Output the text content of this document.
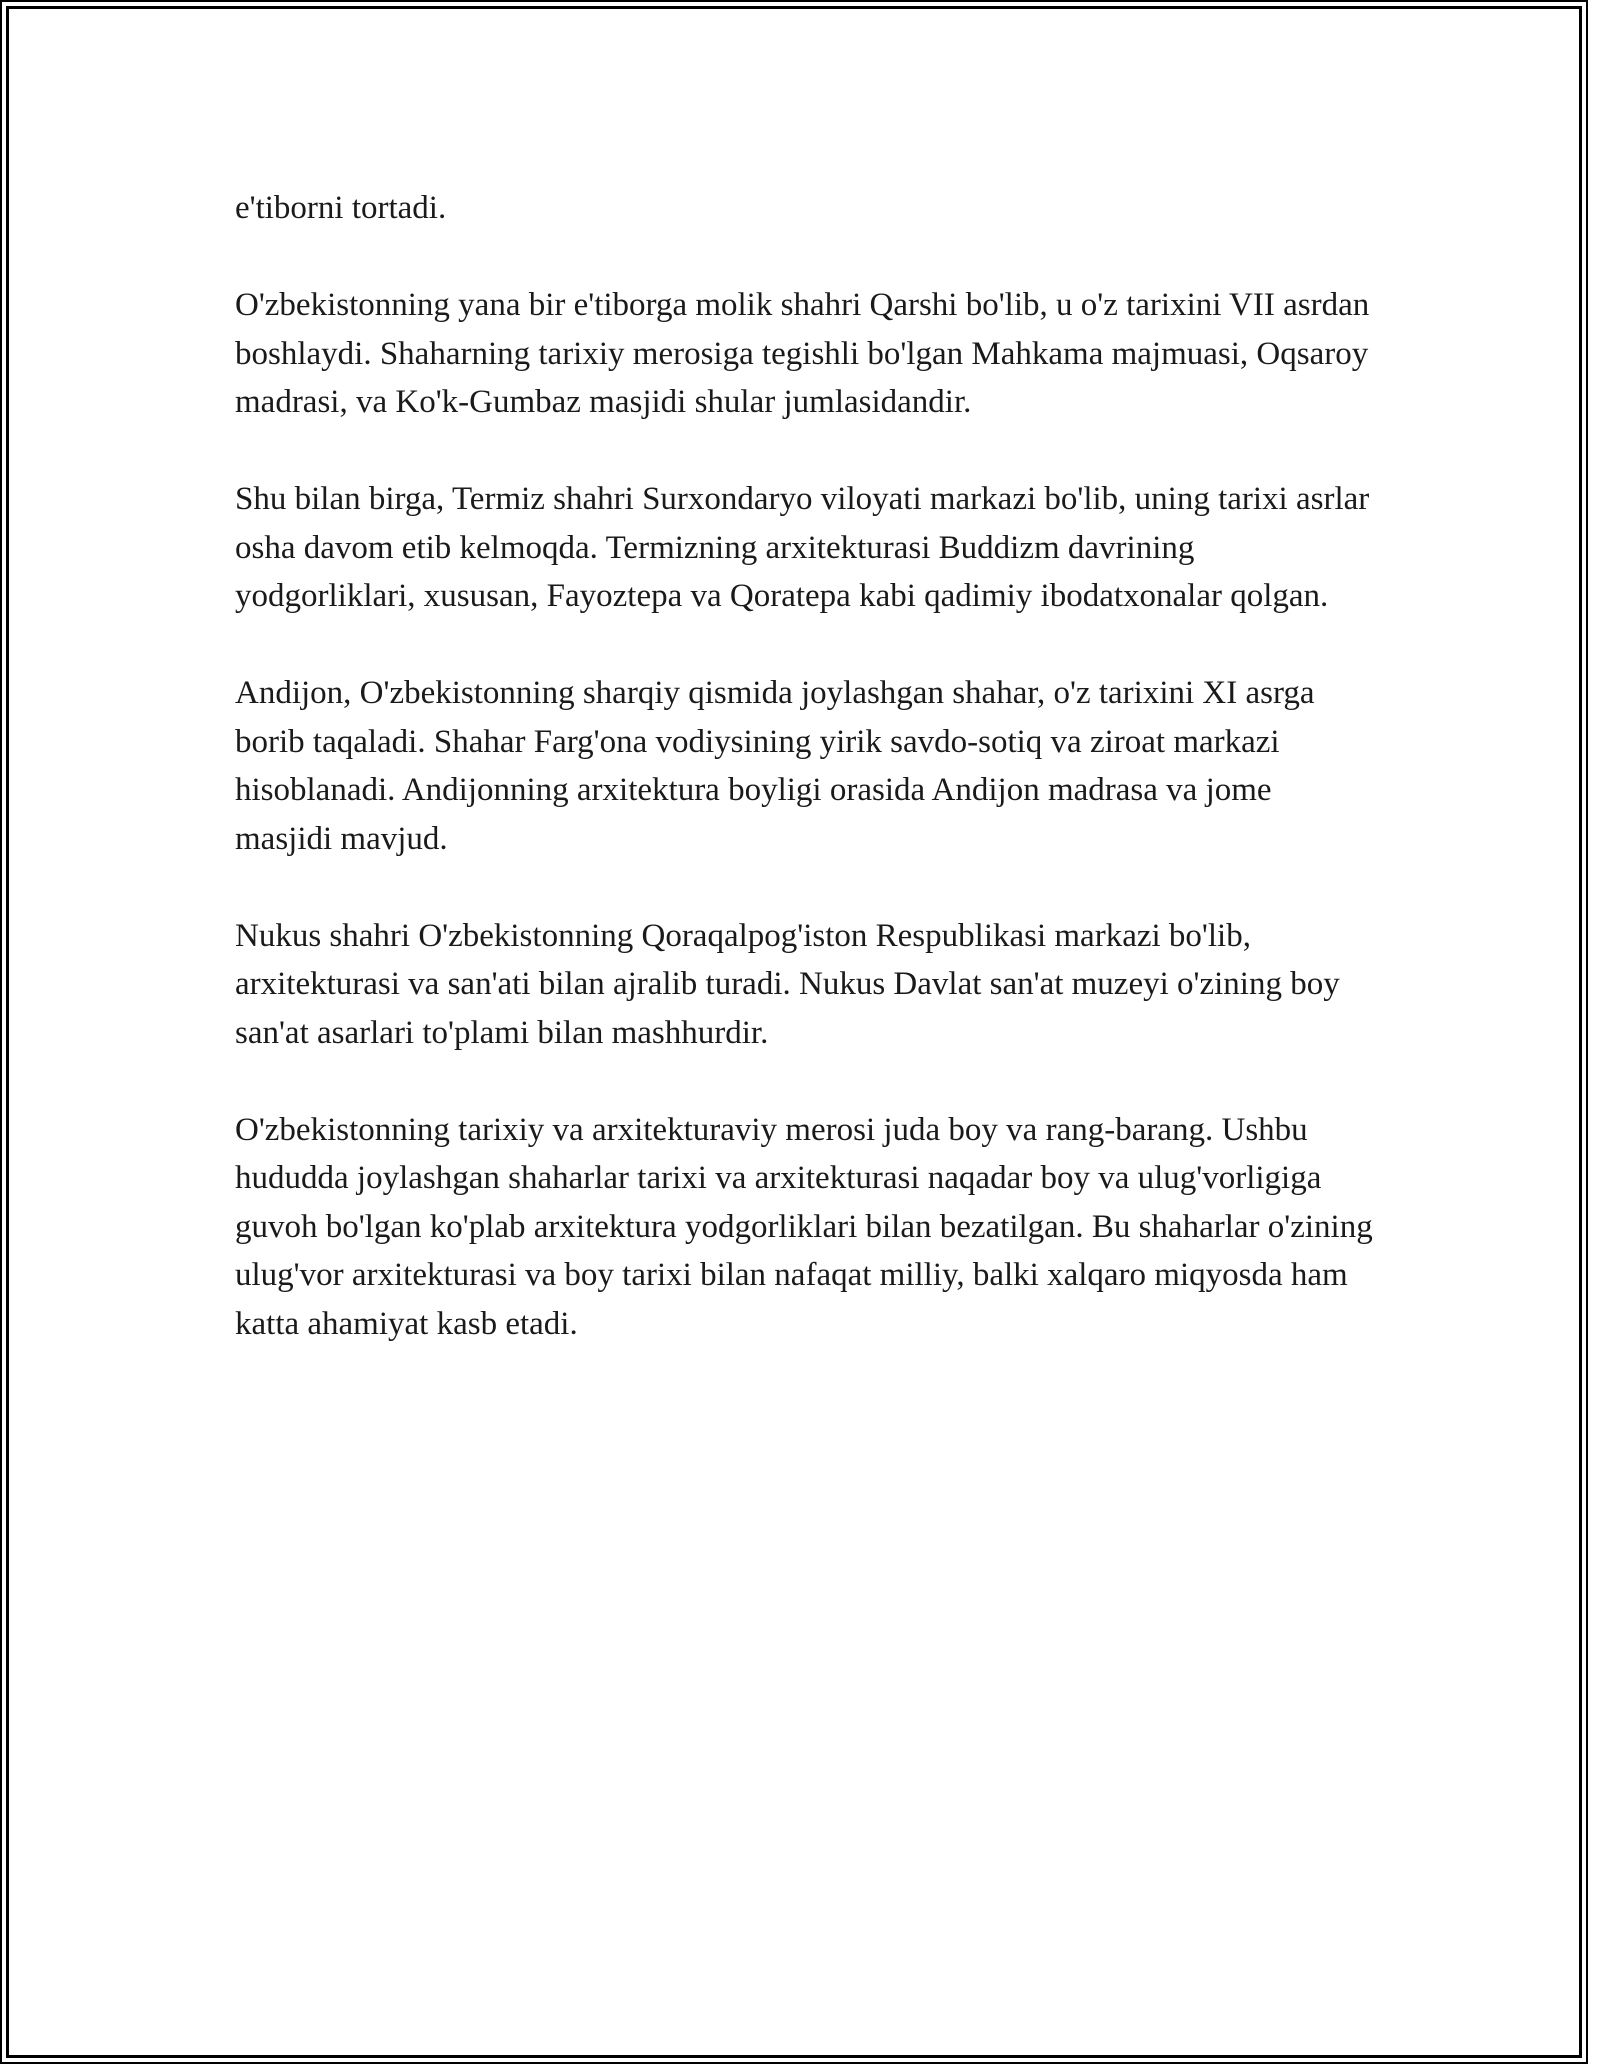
e'tiborni tortadi.

O'zbekistonning yana bir e'tiborga molik shahri Qarshi bo'lib, u o'z tarixini VII asrdan boshlaydi. Shaharning tarixiy merosiga tegishli bo'lgan Mahkama majmuasi, Oqsaroy madrasi, va Ko'k-Gumbaz masjidi shular jumlasidandir.

Shu bilan birga, Termiz shahri Surxondaryo viloyati markazi bo'lib, uning tarixi asrlar osha davom etib kelmoqda. Termizning arxitekturasi Buddizm davrining yodgorliklari, xususan, Fayoztepa va Qoratepa kabi qadimiy ibodatxonalar qolgan.

Andijon, O'zbekistonning sharqiy qismida joylashgan shahar, o'z tarixini XI asrga borib taqaladi. Shahar Farg'ona vodiysining yirik savdo-sotiq va ziroat markazi hisoblanadi. Andijonning arxitektura boyligi orasida Andijon madrasa va jome masjidi mavjud.

Nukus shahri O'zbekistonning Qoraqalpog'iston Respublikasi markazi bo'lib, arxitekturasi va san'ati bilan ajralib turadi. Nukus Davlat san'at muzeyi o'zining boy san'at asarlari to'plami bilan mashhurdir.

O'zbekistonning tarixiy va arxitekturaviy merosi juda boy va rang-barang. Ushbu hududda joylashgan shaharlar tarixi va arxitekturasi naqadar boy va ulug'vorligiga guvoh bo'lgan ko'plab arxitektura yodgorliklari bilan bezatilgan. Bu shaharlar o'zining ulug'vor arxitekturasi va boy tarixi bilan nafaqat milliy, balki xalqaro miqyosda ham katta ahamiyat kasb etadi.
